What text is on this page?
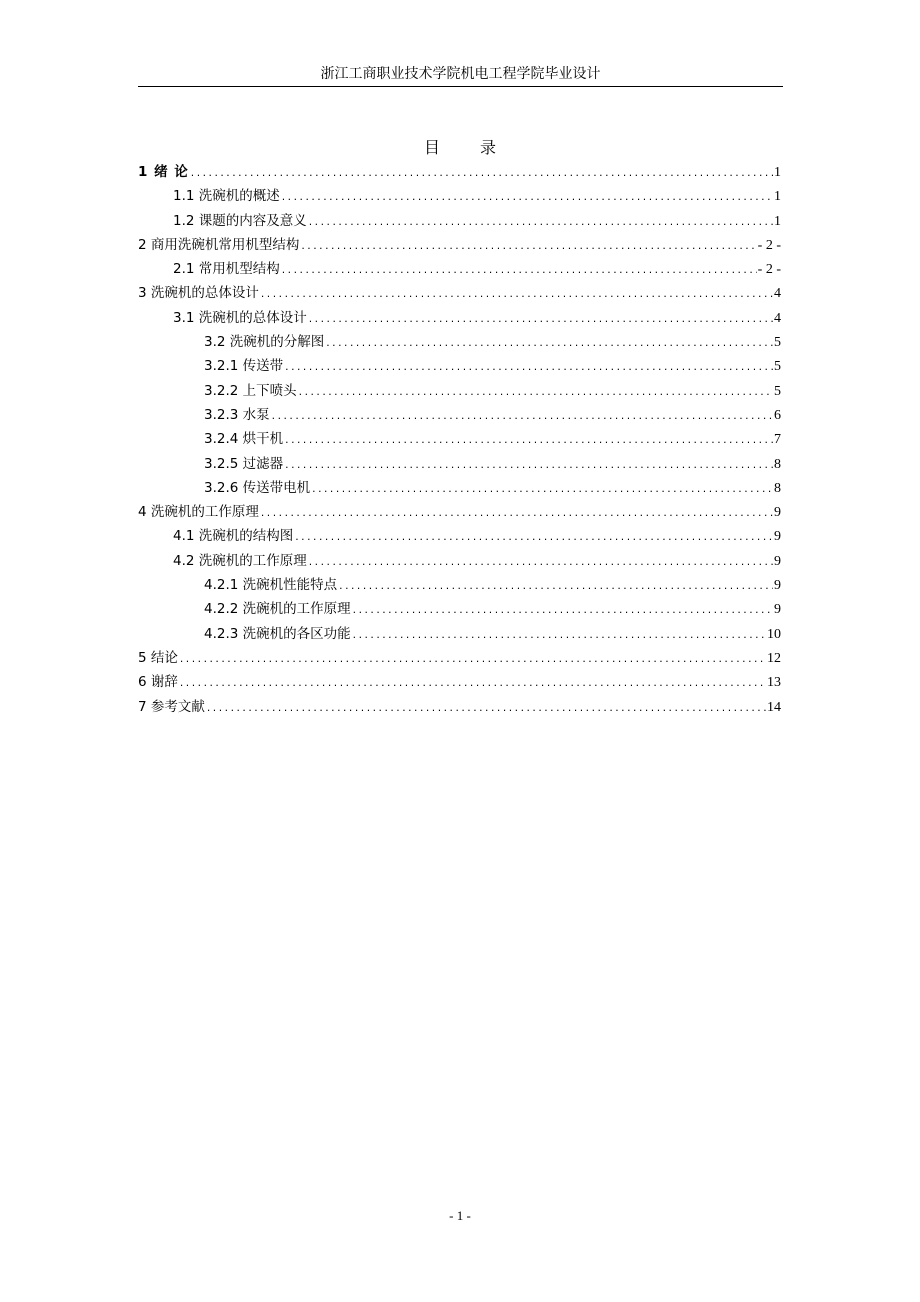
浙江工商职业技术学院机电工程学院毕业设计
目	录
1 绪 论 .....	1
1.1 洗碗机的概述 .....	1
1.2 课题的内容及意义 .....	1
2 商用洗碗机常用机型结构 .....	- 2 -
2.1 常用机型结构 .....	- 2 -
3 洗碗机的总体设计 .....	4
3.1 洗碗机的总体设计 .....	4
3.2 洗碗机的分解图 .....	5
3.2.1 传送带 .....	5
3.2.2 上下喷头 .....	5
3.2.3 水泵 .....	6
3.2.4 烘干机 .....	7
3.2.5 过滤器 .....	8
3.2.6 传送带电机 .....	8
4 洗碗机的工作原理 .....	9
4.1 洗碗机的结构图 .....	9
4.2 洗碗机的工作原理 .....	9
4.2.1 洗碗机性能特点 .....	9
4.2.2 洗碗机的工作原理 .....	9
4.2.3 洗碗机的各区功能 .....	10
5 结论 .....	12
6 谢辞 .....	13
7 参考文献 .....	14
- 1 -
